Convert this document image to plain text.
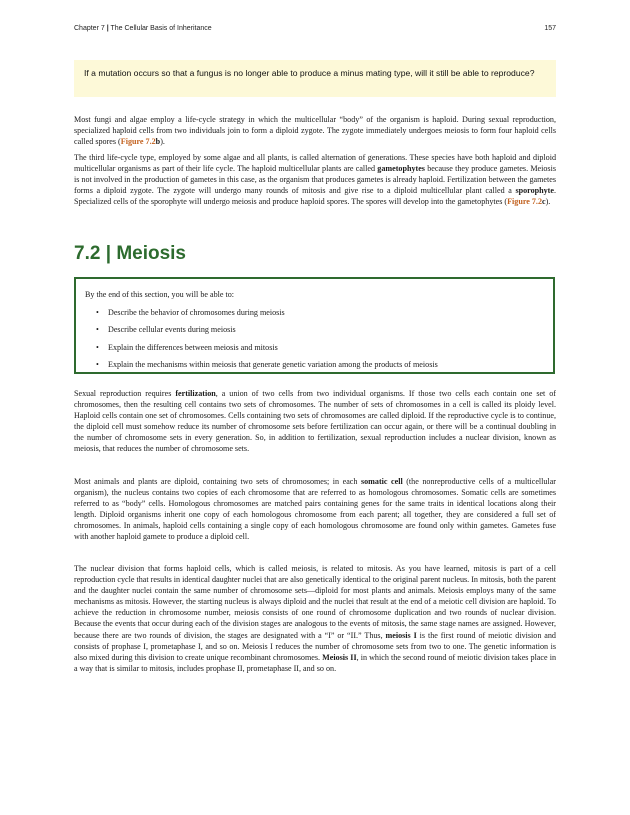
Chapter 7 | The Cellular Basis of Inheritance	157
If a mutation occurs so that a fungus is no longer able to produce a minus mating type, will it still be able to reproduce?

Most fungi and algae employ a life-cycle strategy in which the multicellular “body” of the organism is haploid. During sexual reproduction, specialized haploid cells from two individuals join to form a diploid zygote. The zygote immediately undergoes meiosis to form four haploid cells called spores (Figure 7.2b).

The third life-cycle type, employed by some algae and all plants, is called alternation of generations. These species have both haploid and diploid multicellular organisms as part of their life cycle. The haploid multicellular plants are called gametophytes because they produce gametes. Meiosis is not involved in the production of gametes in this case, as the organism that produces gametes is already haploid. Fertilization between the gametes forms a diploid zygote. The zygote will undergo many rounds of mitosis and give rise to a diploid multicellular plant called a sporophyte. Specialized cells of the sporophyte will undergo meiosis and produce haploid spores. The spores will develop into the gametophytes (Figure 7.2c).

7.2 | Meiosis

By the end of this section, you will be able to:

• Describe the behavior of chromosomes during meiosis
• Describe cellular events during meiosis
• Explain the differences between meiosis and mitosis
• Explain the mechanisms within meiosis that generate genetic variation among the products of meiosis

Sexual reproduction requires fertilization, a union of two cells from two individual organisms. If those two cells each contain one set of chromosomes, then the resulting cell contains two sets of chromosomes. The number of sets of chromosomes in a cell is called its ploidy level. Haploid cells contain one set of chromosomes. Cells containing two sets of chromosomes are called diploid. If the reproductive cycle is to continue, the diploid cell must somehow reduce its number of chromosome sets before fertilization can occur again, or there will be a continual doubling in the number of chromosome sets in every generation. So, in addition to fertilization, sexual reproduction includes a nuclear division, known as meiosis, that reduces the number of chromosome sets.

Most animals and plants are diploid, containing two sets of chromosomes; in each somatic cell (the nonreproductive cells of a multicellular organism), the nucleus contains two copies of each chromosome that are referred to as homologous chromosomes. Somatic cells are sometimes referred to as “body” cells. Homologous chromosomes are matched pairs containing genes for the same traits in identical locations along their length. Diploid organisms inherit one copy of each homologous chromosome from each parent; all together, they are considered a full set of chromosomes. In animals, haploid cells containing a single copy of each homologous chromosome are found only within gametes. Gametes fuse with another haploid gamete to produce a diploid cell.

The nuclear division that forms haploid cells, which is called meiosis, is related to mitosis. As you have learned, mitosis is part of a cell reproduction cycle that results in identical daughter nuclei that are also genetically identical to the original parent nucleus. In mitosis, both the parent and the daughter nuclei contain the same number of chromosome sets—diploid for most plants and animals. Meiosis employs many of the same mechanisms as mitosis. However, the starting nucleus is always diploid and the nuclei that result at the end of a meiotic cell division are haploid. To achieve the reduction in chromosome number, meiosis consists of one round of chromosome duplication and two rounds of nuclear division. Because the events that occur during each of the division stages are analogous to the events of mitosis, the same stage names are assigned. However, because there are two rounds of division, the stages are designated with a “I” or “II.” Thus, meiosis I is the first round of meiotic division and consists of prophase I, prometaphase I, and so on. Meiosis I reduces the number of chromosome sets from two to one. The genetic information is also mixed during this division to create unique recombinant chromosomes. Meiosis II, in which the second round of meiotic division takes place in a way that is similar to mitosis, includes prophase II, prometaphase II, and so on.
